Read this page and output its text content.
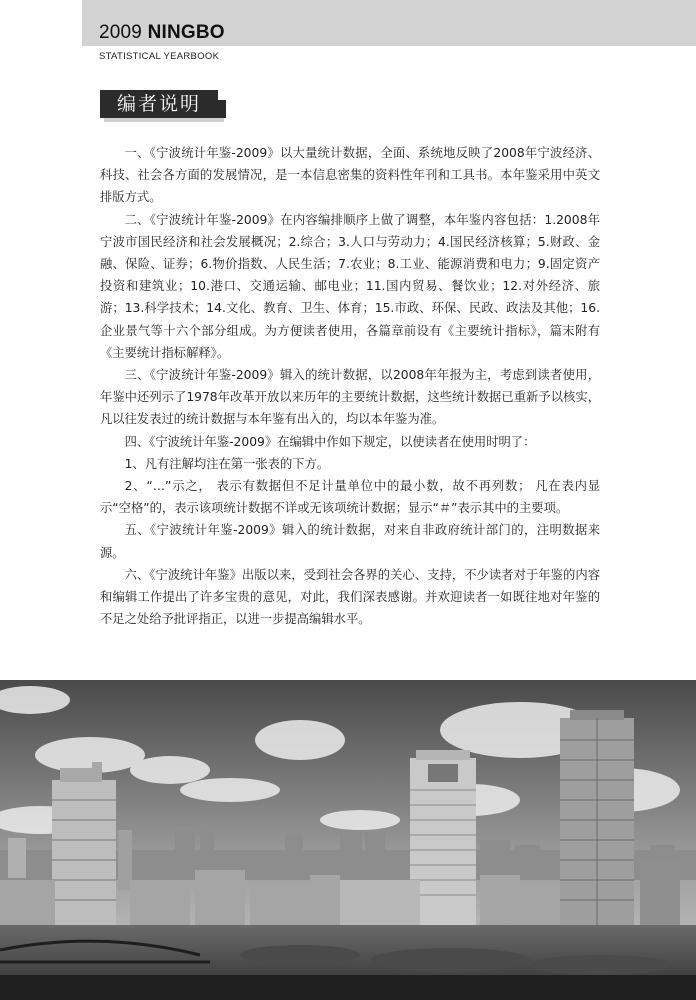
2009 NINGBO
STATISTICAL YEARBOOK
编者说明

一、《宁波统计年鉴-2009》以大量统计数据，全面、系统地反映了2008年宁波经济、科技、社会各方面的发展情况，是一本信息密集的资料性年刊和工具书。本年鉴采用中英文排版方式。

二、《宁波统计年鉴-2009》在内容编排顺序上做了调整，本年鉴内容包括：1.2008年宁波市国民经济和社会发展概况；2.综合；3.人口与劳动力；4.国民经济核算；5.财政、金融、保险、证券；6.物价指数、人民生活；7.农业；8.工业、能源消费和电力；9.固定资产投资和建筑业；10.港口、交通运输、邮电业；11.国内贸易、餐饮业；12.对外经济、旅游；13.科学技术；14.文化、教育、卫生、体育；15.市政、环保、民政、政法及其他；16.企业景气等十六个部分组成。为方便读者使用，各篇章前设有《主要统计指标》，篇末附有《主要统计指标解释》。

三、《宁波统计年鉴-2009》辑入的统计数据，以2008年年报为主，考虑到读者使用，年鉴中还列示了1978年改革开放以来历年的主要统计数据，这些统计数据已重新予以核实，凡以往发表过的统计数据与本年鉴有出入的，均以本年鉴为准。

四、《宁波统计年鉴-2009》在编辑中作如下规定，以使读者在使用时明了：

1、凡有注解均注在第一张表的下方。

2、“…”示之， 表示有数据但不足计量单位中的最小数，故不再列数； 凡在表内显示“空格”的，表示该项统计数据不详或无该项统计数据；显示“＃”表示其中的主要项。

五、《宁波统计年鉴-2009》辑入的统计数据，对来自非政府统计部门的，注明数据来源。

六、《宁波统计年鉴》出版以来，受到社会各界的关心、支持，不少读者对于年鉴的内容和编辑工作提出了许多宝贵的意见，对此，我们深表感谢。并欢迎读者一如既往地对年鉴的不足之处给予批评指正，以进一步提高编辑水平。
